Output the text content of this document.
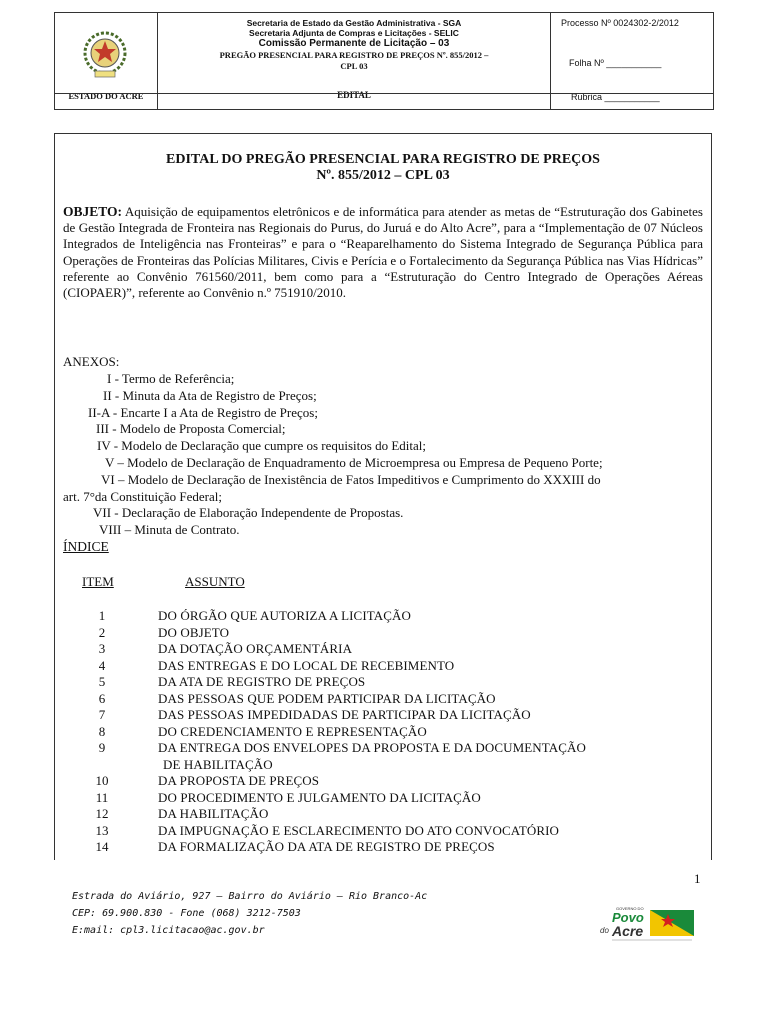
ESTADO DO ACRE
Secretaria de Estado da Gestão Administrativa - SGA
Secretaria Adjunta de Compras e Licitações - SELIC
Comissão Permanente de Licitação – 03
PREGÃO PRESENCIAL PARA REGISTRO DE PREÇOS Nº. 855/2012 –
CPL 03
EDITAL
Processo Nº 0024302-2/2012
Folha Nº ___________
Rubrica ___________
EDITAL DO PREGÃO PRESENCIAL PARA REGISTRO DE PREÇOS
Nº. 855/2012 – CPL 03
OBJETO: Aquisição de equipamentos eletrônicos e de informática para atender as metas de “Estruturação dos Gabinetes de Gestão Integrada de Fronteira nas Regionais do Purus, do Juruá e do Alto Acre”, para a “Implementação de 07 Núcleos Integrados de Inteligência nas Fronteiras” e para o “Reaparelhamento do Sistema Integrado de Segurança Pública para Operações de Fronteiras das Polícias Militares, Civis e Perícia e o Fortalecimento da Segurança Pública nas Vias Hídricas” referente ao Convênio 761560/2011, bem como para a “Estruturação do Centro Integrado de Operações Aéreas (CIOPAER)”, referente ao Convênio n.º 751910/2010.
ANEXOS:
I - Termo de Referência;
II - Minuta da Ata de Registro de Preços;
II-A - Encarte I a Ata de Registro de Preços;
III - Modelo de Proposta Comercial;
IV - Modelo de Declaração que cumpre os requisitos do Edital;
V – Modelo de Declaração de Enquadramento de Microempresa ou Empresa de Pequeno Porte;
VI – Modelo de Declaração de Inexistência de Fatos Impeditivos e Cumprimento do XXXIII do
art. 7°da Constituição Federal;
VII - Declaração de Elaboração Independente de Propostas.
VIII – Minuta de Contrato.
ÍNDICE
ITEM	ASSUNTO
1	DO ÓRGÃO QUE AUTORIZA A LICITAÇÃO
2	DO OBJETO
3	DA DOTAÇÃO ORÇAMENTÁRIA
4	DAS ENTREGAS E DO LOCAL DE RECEBIMENTO
5	DA ATA DE REGISTRO DE PREÇOS
6	DAS PESSOAS QUE PODEM PARTICIPAR DA LICITAÇÃO
7	DAS PESSOAS IMPEDIDADAS DE PARTICIPAR DA LICITAÇÃO
8	DO CREDENCIAMENTO E REPRESENTAÇÃO
9	DA ENTREGA DOS ENVELOPES DA PROPOSTA E DA DOCUMENTAÇÃO
DE HABILITAÇÃO
10	DA PROPOSTA DE PREÇOS
11	DO PROCEDIMENTO E JULGAMENTO DA LICITAÇÃO
12	DA HABILITAÇÃO
13	DA IMPUGNAÇÃO E ESCLARECIMENTO DO ATO CONVOCATÓRIO
14	DA FORMALIZAÇÃO DA ATA DE REGISTRO DE PREÇOS
1
Estrada do Aviário, 927 – Bairro do Aviário – Rio Branco-Ac
CEP: 69.900.830 - Fone (068) 3212-7503
E:mail: cpl3.licitacao@ac.gov.br
GOVERNO DO
Povo
do Acre
